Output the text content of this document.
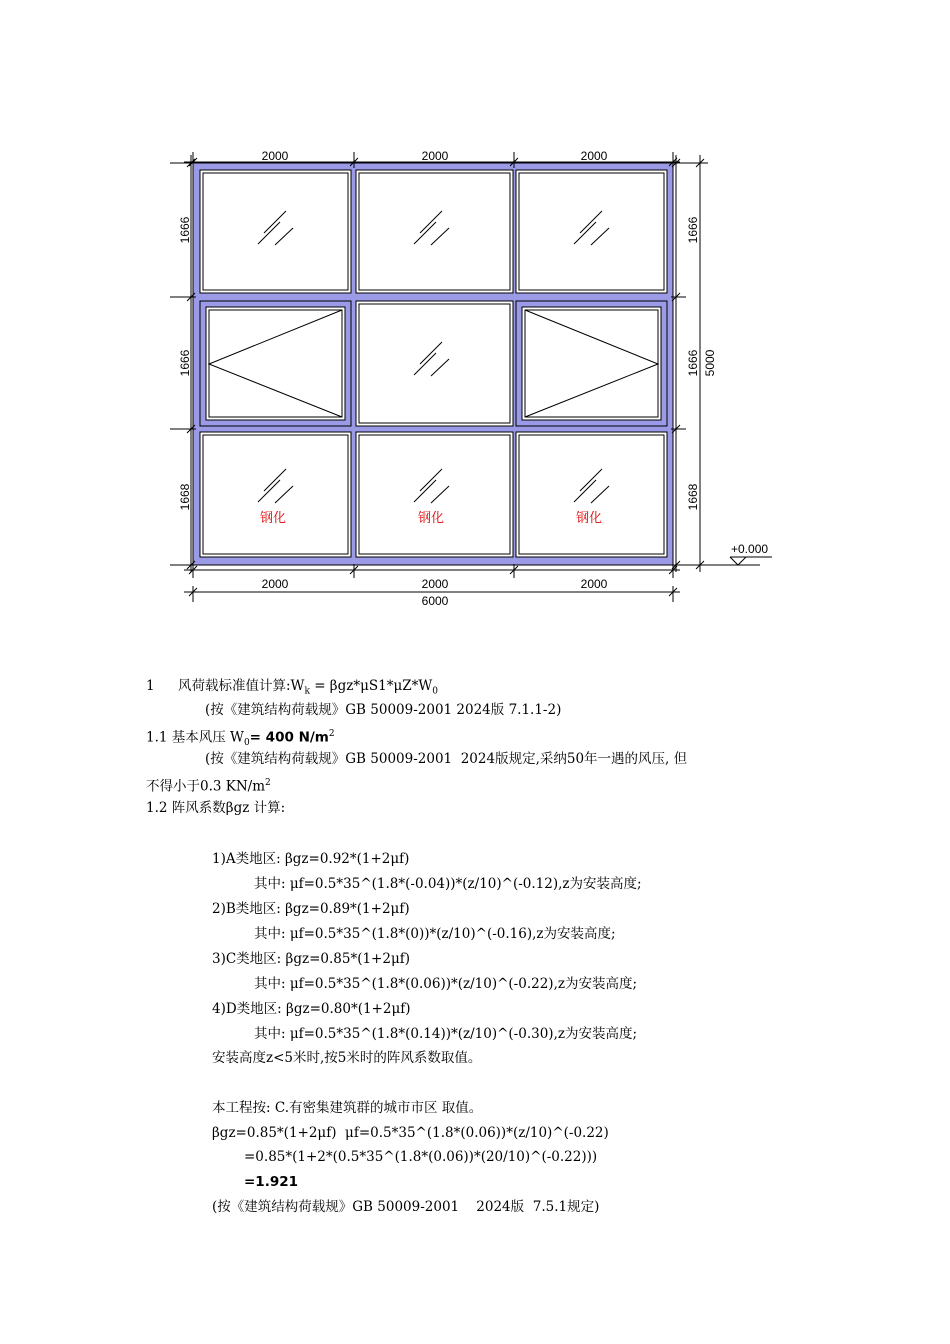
钢化	钢化	钢化
2000	2000	2000
2000	2000	2000
6000
1666
1666
1668
1666
1666
1668
5000
+0.000
1 风荷载标准值计算$:W_k = \beta gz*\mu S1*\mu Z*W_0$
(按《建筑结构荷载规》GB 50009-2001 2024版 7.1.1-2)
1.1 基本风压 $W_0= 400$ $N/m^2$
(按《建筑结构荷载规》GB 50009-2001  2024版规定,采纳50年一遇的风压, 但
不得小于0.3 $KN/m^2$
1.2 阵风系数βgz 计算:
1)A类地区: βgz=0.92*(1+2μf)
其中: μf=0.5*35^(1.8*(-0.04))*(z/10)^(-0.12),z为安装高度;
2)B类地区: βgz=0.89*(1+2μf)
其中: μf=0.5*35^(1.8*(0))*(z/10)^(-0.16),z为安装高度;
3)C类地区: βgz=0.85*(1+2μf)
其中: μf=0.5*35^(1.8*(0.06))*(z/10)^(-0.22),z为安装高度;
4)D类地区: βgz=0.80*(1+2μf)
其中: μf=0.5*35^(1.8*(0.14))*(z/10)^(-0.30),z为安装高度;
安装高度z<5米时,按5米时的阵风系数取值。
本工程按: C.有密集建筑群的城市市区 取值。
βgz=0.85*(1+2μf)  μf=0.5*35^(1.8*(0.06))*(z/10)^(-0.22)
=0.85*(1+2*(0.5*35^(1.8*(0.06))*(20/10)^(-0.22)))
=1.921
(按《建筑结构荷载规》GB 50009-2001    2024版  7.5.1规定)
